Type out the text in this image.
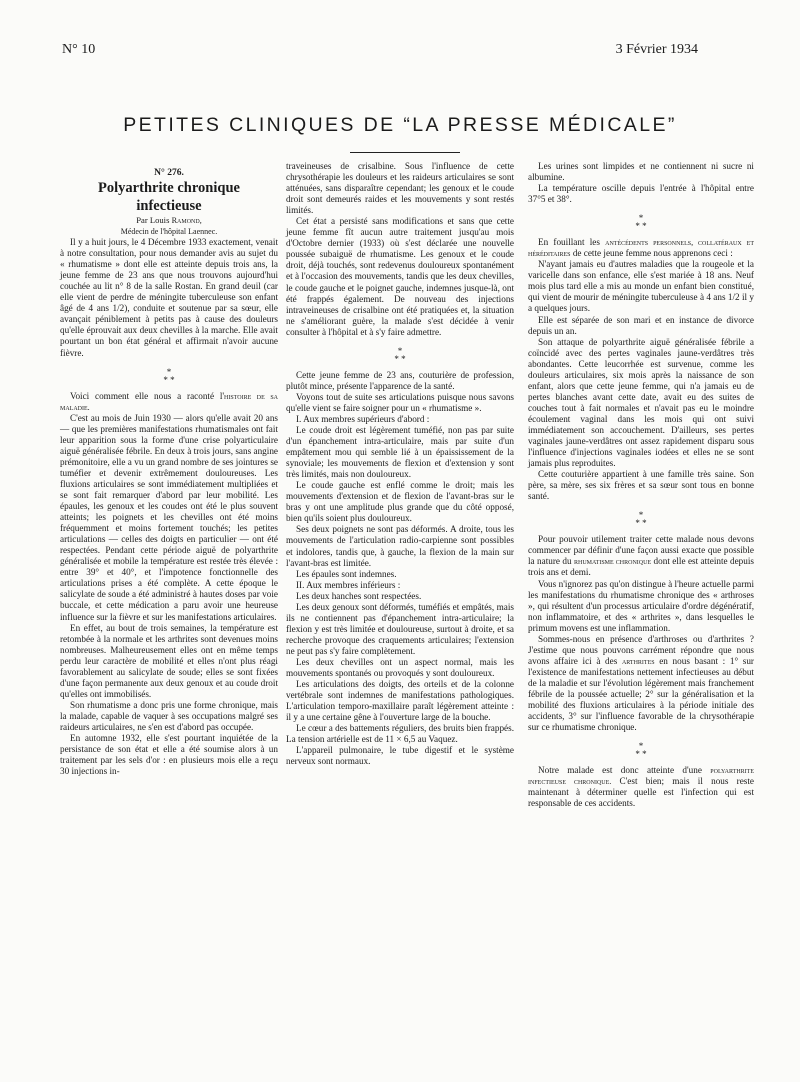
N° 10	3 Février 1934
PETITES CLINIQUES DE “LA PRESSE MÉDICALE”

N° 276.

Polyarthrite chronique
infectieuse

Par Louis Ramond,

Médecin de l'hôpital Laennec.

Il y a huit jours, le 4 Décembre 1933 exactement, venait à notre consultation, pour nous demander avis au sujet du « rhumatisme » dont elle est atteinte depuis trois ans, la jeune femme de 23 ans que nous trouvons aujourd'hui couchée au lit n° 8 de la salle Rostan. En grand deuil (car elle vient de perdre de méningite tuberculeuse son enfant âgé de 4 ans 1/2), conduite et soutenue par sa sœur, elle avançait péniblement à petits pas à cause des douleurs qu'elle éprouvait aux deux chevilles à la marche. Elle avait pourtant un bon état général et affirmait n'avoir aucune fièvre.

*
* *

Voici comment elle nous a raconté l'histoire de sa maladie.

C'est au mois de Juin 1930 — alors qu'elle avait 20 ans — que les premières manifestations rhumatismales ont fait leur apparition sous la forme d'une crise polyarticulaire aiguë généralisée fébrile. En deux à trois jours, sans angine prémonitoire, elle a vu un grand nombre de ses jointures se tuméfier et devenir extrêmement douloureuses. Les fluxions articulaires se sont immédiatement multipliées et se sont fait remarquer d'abord par leur mobilité. Les épaules, les genoux et les coudes ont été le plus souvent atteints; les poignets et les chevilles ont été moins fréquemment et moins fortement touchés; les petites articulations — celles des doigts en particulier — ont été respectées. Pendant cette période aiguë de polyarthrite généralisée et mobile la température est restée très élevée : entre 39° et 40°, et l'impotence fonctionnelle des articulations prises a été complète. A cette époque le salicylate de soude a été administré à hautes doses par voie buccale, et cette médication a paru avoir une heureuse influence sur la fièvre et sur les manifestations articulaires.

En effet, au bout de trois semaines, la température est retombée à la normale et les arthrites sont devenues moins nombreuses. Malheureusement elles ont en même temps perdu leur caractère de mobilité et elles n'ont plus réagi favorablement au salicylate de soude; elles se sont fixées d'une façon permanente aux deux genoux et au coude droit qu'elles ont immobilisés.

Son rhumatisme a donc pris une forme chronique, mais la malade, capable de vaquer à ses occupations malgré ses raideurs articulaires, ne s'en est d'abord pas occupée.

En automne 1932, elle s'est pourtant inquiétée de la persistance de son état et elle a été soumise alors à un traitement par les sels d'or : en plusieurs mois elle a reçu 30 injections in-

traveineuses de crisalbine. Sous l'influence de cette chrysothérapie les douleurs et les raideurs articulaires se sont atténuées, sans disparaître cependant; les genoux et le coude droit sont demeurés raides et les mouvements y sont restés limités.

Cet état a persisté sans modifications et sans que cette jeune femme fît aucun autre traitement jusqu'au mois d'Octobre dernier (1933) où s'est déclarée une nouvelle poussée subaiguë de rhumatisme. Les genoux et le coude droit, déjà touchés, sont redevenus douloureux spontanément et à l'occasion des mouvements, tandis que les deux chevilles, le coude gauche et le poignet gauche, indemnes jusque-là, ont été frappés également. De nouveau des injections intraveineuses de crisalbine ont été pratiquées et, la situation ne s'améliorant guère, la malade s'est décidée à venir consulter à l'hôpital et à s'y faire admettre.

*
* *

Cette jeune femme de 23 ans, couturière de profession, plutôt mince, présente l'apparence de la santé.

Voyons tout de suite ses articulations puisque nous savons qu'elle vient se faire soigner pour un « rhumatisme ».

I. Aux membres supérieurs d'abord :

Le coude droit est légèrement tuméfié, non pas par suite d'un épanchement intra-articulaire, mais par suite d'un empâtement mou qui semble lié à un épaississement de la synoviale; les mouvements de flexion et d'extension y sont très limités, mais non douloureux.

Le coude gauche est enflé comme le droit; mais les mouvements d'extension et de flexion de l'avant-bras sur le bras y ont une amplitude plus grande que du côté opposé, bien qu'ils soient plus douloureux.

Ses deux poignets ne sont pas déformés. A droite, tous les mouvements de l'articulation radio-carpienne sont possibles et indolores, tandis que, à gauche, la flexion de la main sur l'avant-bras est limitée.

Les épaules sont indemnes.

II. Aux membres inférieurs :

Les deux hanches sont respectées.

Les deux genoux sont déformés, tuméfiés et empâtés, mais ils ne contiennent pas d'épanchement intra-articulaire; la flexion y est très limitée et douloureuse, surtout à droite, et sa recherche provoque des craquements articulaires; l'extension ne peut pas s'y faire complètement.

Les deux chevilles ont un aspect normal, mais les mouvements spontanés ou provoqués y sont douloureux.

Les articulations des doigts, des orteils et de la colonne vertébrale sont indemnes de manifestations pathologiques. L'articulation temporo-maxillaire paraît légèrement atteinte : il y a une certaine gêne à l'ouverture large de la bouche.

Le cœur a des battements réguliers, des bruits bien frappés. La tension artérielle est de 11 × 6,5 au Vaquez.

L'appareil pulmonaire, le tube digestif et le système nerveux sont normaux.

Les urines sont limpides et ne contiennent ni sucre ni albumine.

La température oscille depuis l'entrée à l'hôpital entre 37°5 et 38°.

*
* *

En fouillant les antécédents personnels, collatéraux et héréditaires de cette jeune femme nous apprenons ceci :

N'ayant jamais eu d'autres maladies que la rougeole et la varicelle dans son enfance, elle s'est mariée à 18 ans. Neuf mois plus tard elle a mis au monde un enfant bien constitué, qui vient de mourir de méningite tuberculeuse à 4 ans 1/2 il y a quelques jours.

Elle est séparée de son mari et en instance de divorce depuis un an.

Son attaque de polyarthrite aiguë généralisée fébrile a coïncidé avec des pertes vaginales jaune-verdâtres très abondantes. Cette leucorrhée est survenue, comme les douleurs articulaires, six mois après la naissance de son enfant, alors que cette jeune femme, qui n'a jamais eu de pertes blanches avant cette date, avait eu des suites de couches tout à fait normales et n'avait pas eu le moindre écoulement vaginal dans les mois qui ont suivi immédiatement son accouchement. D'ailleurs, ses pertes vaginales jaune-verdâtres ont assez rapidement disparu sous l'influence d'injections vaginales iodées et elles ne se sont jamais plus reproduites.

Cette couturière appartient à une famille très saine. Son père, sa mère, ses six frères et sa sœur sont tous en bonne santé.

*
* *

Pour pouvoir utilement traiter cette malade nous devons commencer par définir d'une façon aussi exacte que possible la nature du rhumatisme chronique dont elle est atteinte depuis trois ans et demi.

Vous n'ignorez pas qu'on distingue à l'heure actuelle parmi les manifestations du rhumatisme chronique des « arthroses », qui résultent d'un processus articulaire d'ordre dégénératif, non inflammatoire, et des « arthrites », dans lesquelles le primum movens est une inflammation.

Sommes-nous en présence d'arthroses ou d'arthrites ? J'estime que nous pouvons carrément répondre que nous avons affaire ici à des arthrites en nous basant : 1° sur l'existence de manifestations nettement infectieuses au début de la maladie et sur l'évolution légèrement mais franchement fébrile de la poussée actuelle; 2° sur la généralisation et la mobilité des fluxions articulaires à la période initiale des accidents, 3° sur l'influence favorable de la chrysothérapie sur ce rhumatisme chronique.

*
* *

Notre malade est donc atteinte d'une polyarthrite infectieuse chronique. C'est bien; mais il nous reste maintenant à déterminer quelle est l'infection qui est responsable de ces accidents.
